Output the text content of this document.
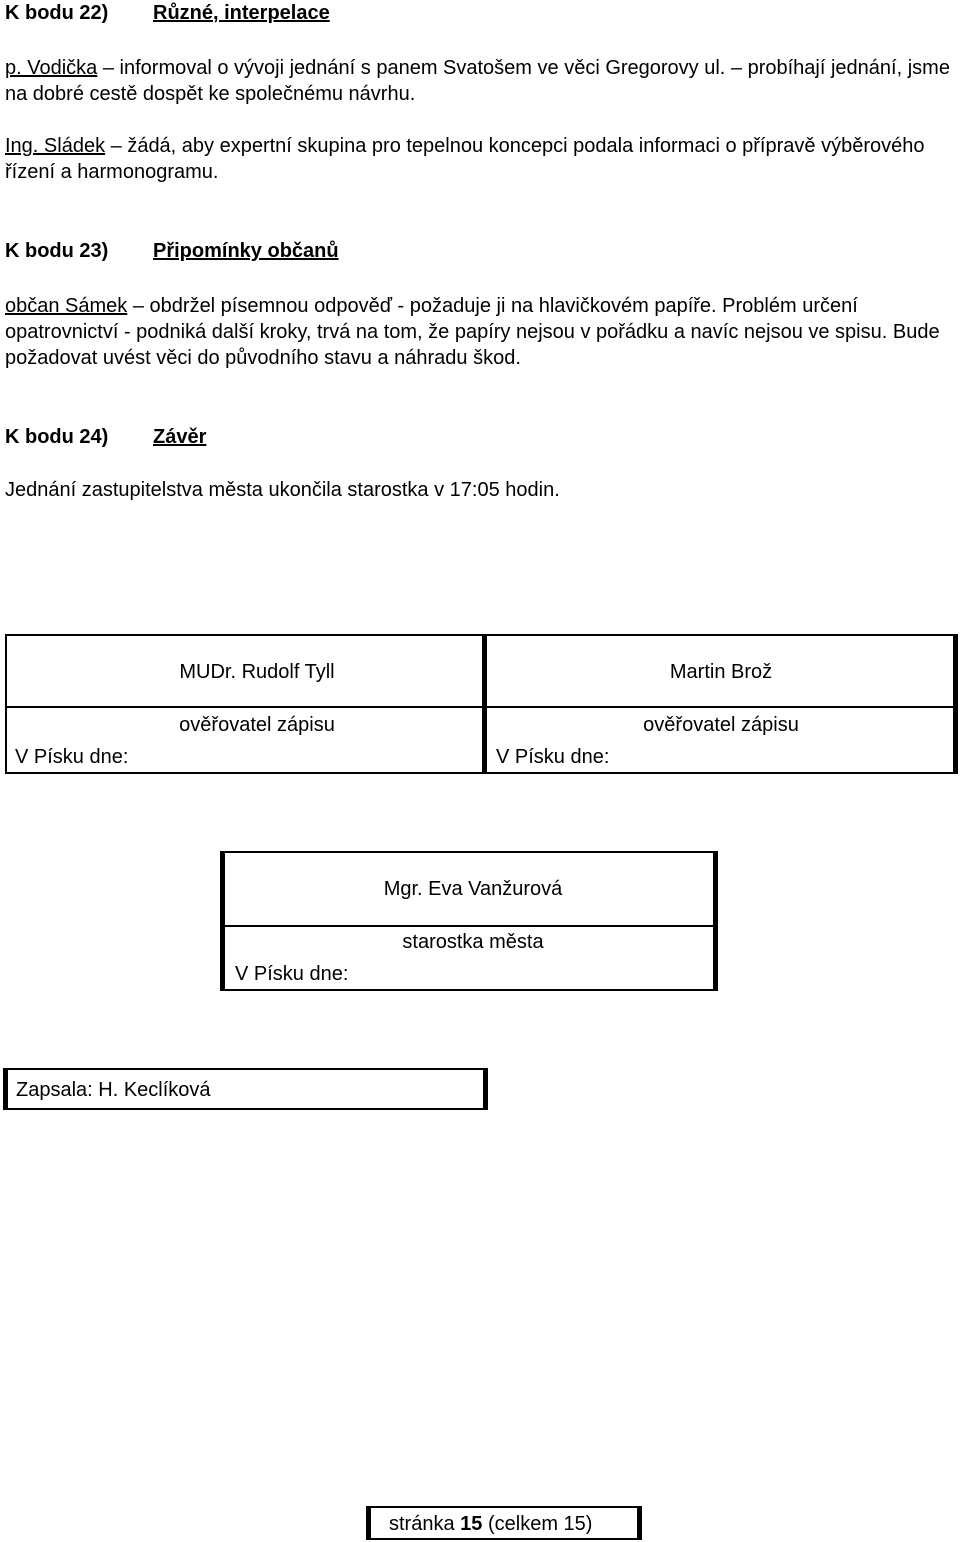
K bodu 22) Různé, interpelace
p. Vodička – informoval o vývoji jednání s panem Svatošem ve věci Gregorovy ul. – probíhají jednání, jsme na dobré cestě dospět ke společnému návrhu.
Ing. Sládek – žádá, aby expertní skupina pro tepelnou koncepci podala informaci o přípravě výběrového řízení a harmonogramu.
K bodu 23) Připomínky občanů
občan Sámek – obdržel písemnou odpověď - požaduje ji na hlavičkovém papíře. Problém určení opatrovnictví - podniká další kroky, trvá na tom, že papíry nejsou v pořádku a navíc nejsou ve spisu. Bude požadovat uvést věci do původního stavu a náhradu škod.
K bodu 24) Závěr
Jednání zastupitelstva města ukončila starostka v 17:05 hodin.
MUDr. Rudolf Tyll
ověřovatel zápisu
V Písku dne:
Martin Brož
ověřovatel zápisu
V Písku dne:
Mgr. Eva Vanžurová
starostka města
V Písku dne:
Zapsala: H. Keclíková
stránka 15 (celkem 15)
